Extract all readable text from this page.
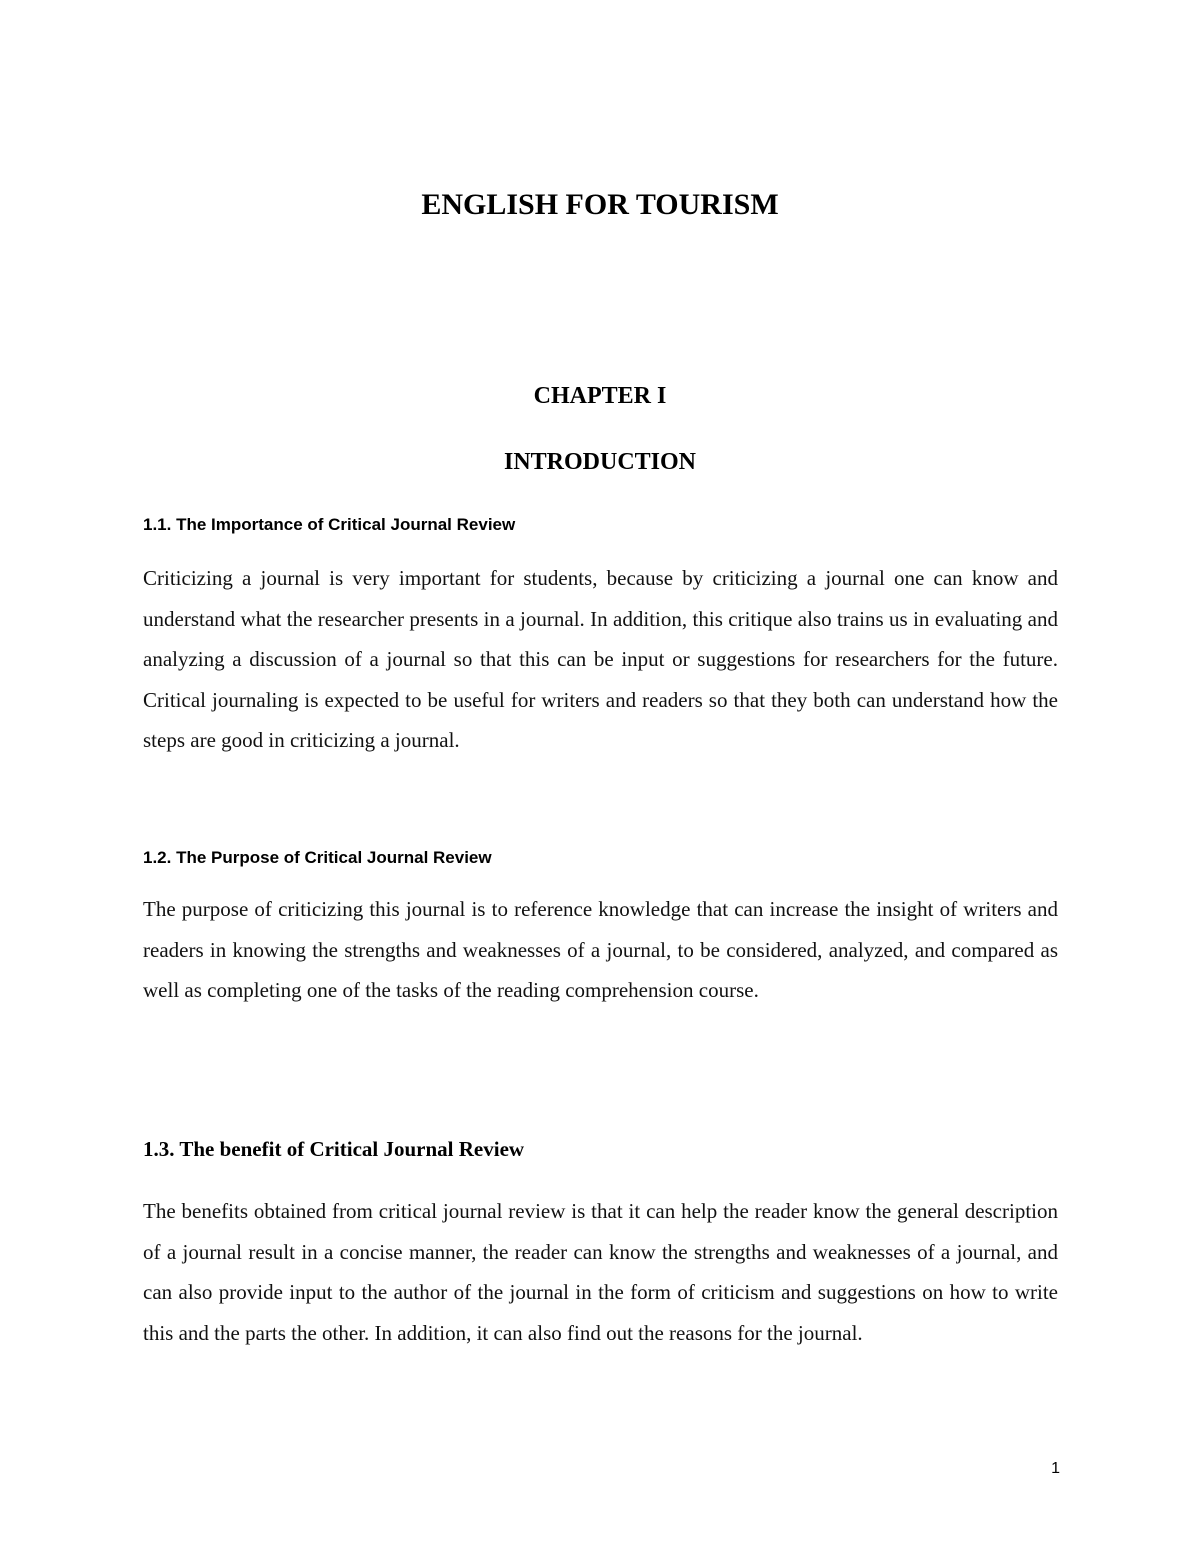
ENGLISH FOR TOURISM
CHAPTER I
INTRODUCTION
1.1. The Importance of Critical Journal Review

Criticizing a journal is very important for students, because by criticizing a journal one can know and understand what the researcher presents in a journal. In addition, this critique also trains us in evaluating and analyzing a discussion of a journal so that this can be input or suggestions for researchers for the future. Critical journaling is expected to be useful for writers and readers so that they both can understand how the steps are good in criticizing a journal.

1.2. The Purpose of Critical Journal Review

The purpose of criticizing this journal is to reference knowledge that can increase the insight of writers and readers in knowing the strengths and weaknesses of a journal, to be considered, analyzed, and compared as well as completing one of the tasks of the reading comprehension course.

1.3. The benefit of Critical Journal Review

The benefits obtained from critical journal review is that it can help the reader know the general description of a journal result in a concise manner, the reader can know the strengths and weaknesses of a journal, and can also provide input to the author of the journal in the form of criticism and suggestions on how to write this and the parts the other. In addition, it can also find out the reasons for the journal.

1
